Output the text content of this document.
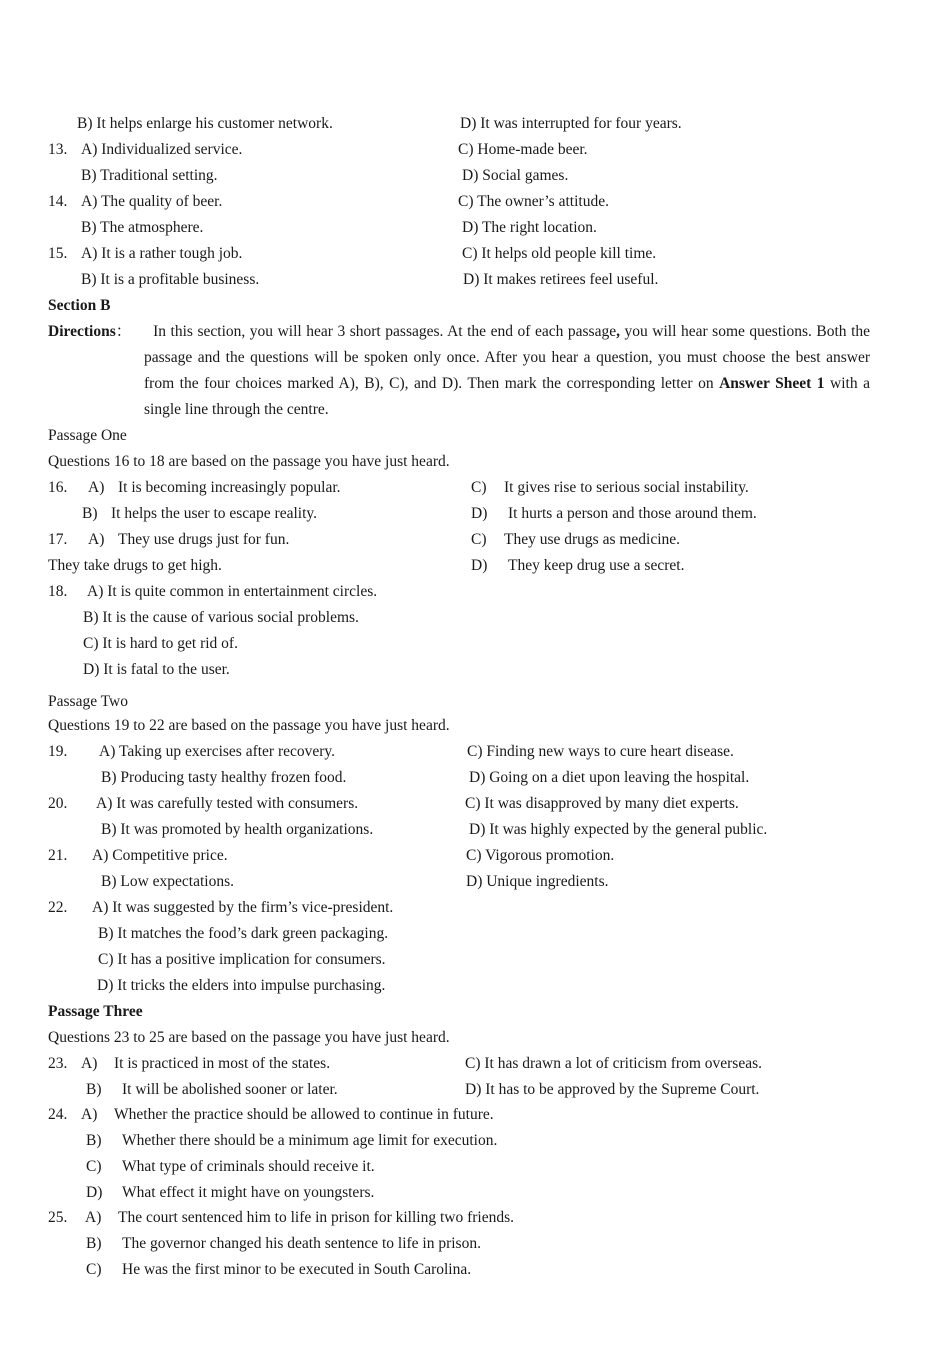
B) It helps enlarge his customer network.	D) It was interrupted for four years.
13. A) Individualized service.	C) Home-made beer.
B) Traditional setting.	D) Social games.
14. A) The quality of beer.	C) The owner’s attitude.
B) The atmosphere.	D) The right location.
15. A) It is a rather tough job.	C) It helps old people kill time.
B) It is a profitable business.	D) It makes retirees feel useful.
Section B
Directions：	In this section, you will hear 3 short passages. At the end of each passage, you will hear some questions. Both the passage and the questions will be spoken only once. After you hear a question, you must choose the best answer from the four choices marked A), B), C), and D). Then mark the corresponding letter on Answer Sheet 1 with a single line through the centre.
Passage One
Questions 16 to 18 are based on the passage you have just heard.
16. A) It is becoming increasingly popular.	C) It gives rise to serious social instability.
B) It helps the user to escape reality.	D) It hurts a person and those around them.
17. A) They use drugs just for fun.	C) They use drugs as medicine.
They take drugs to get high.	D) They keep drug use a secret.
18. A) It is quite common in entertainment circles.
B) It is the cause of various social problems.
C) It is hard to get rid of.
D) It is fatal to the user.
Passage Two
Questions 19 to 22 are based on the passage you have just heard.
19. A) Taking up exercises after recovery.	C) Finding new ways to cure heart disease.
B) Producing tasty healthy frozen food.	D) Going on a diet upon leaving the hospital.
20. A) It was carefully tested with consumers.	C) It was disapproved by many diet experts.
B) It was promoted by health organizations.	D) It was highly expected by the general public.
21. A) Competitive price.	C) Vigorous promotion.
B) Low expectations.	D) Unique ingredients.
22. A) It was suggested by the firm’s vice-president.
B) It matches the food’s dark green packaging.
C) It has a positive implication for consumers.
D) It tricks the elders into impulse purchasing.
Passage Three
Questions 23 to 25 are based on the passage you have just heard.
23. A) It is practiced in most of the states.	C) It has drawn a lot of criticism from overseas.
B) It will be abolished sooner or later.	D) It has to be approved by the Supreme Court.
24. A) Whether the practice should be allowed to continue in future.
B) Whether there should be a minimum age limit for execution.
C) What type of criminals should receive it.
D) What effect it might have on youngsters.
25. A) The court sentenced him to life in prison for killing two friends.
B) The governor changed his death sentence to life in prison.
C) He was the first minor to be executed in South Carolina.
